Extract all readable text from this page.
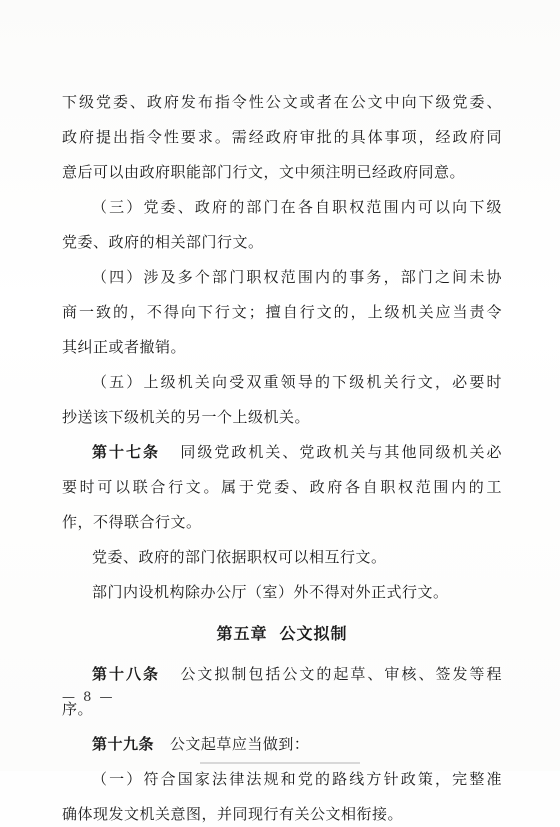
下级党委、政府发布指令性公文或者在公文中向下级党委、
政府提出指令性要求。需经政府审批的具体事项，经政府同
意后可以由政府职能部门行文，文中须注明已经政府同意。
（三）党委、政府的部门在各自职权范围内可以向下级
党委、政府的相关部门行文。
（四）涉及多个部门职权范围内的事务，部门之间未协
商一致的，不得向下行文；擅自行文的，上级机关应当责令
其纠正或者撤销。
（五）上级机关向受双重领导的下级机关行文，必要时
抄送该下级机关的另一个上级机关。
第十七条 同级党政机关、党政机关与其他同级机关必
要时可以联合行文。属于党委、政府各自职权范围内的工
作，不得联合行文。
党委、政府的部门依据职权可以相互行文。
部门内设机构除办公厅（室）外不得对外正式行文。
第五章 公文拟制
第十八条 公文拟制包括公文的起草、审核、签发等程
序。
第十九条 公文起草应当做到：
（一）符合国家法律法规和党的路线方针政策，完整准
确体现发文机关意图，并同现行有关公文相衔接。
— 8 —
